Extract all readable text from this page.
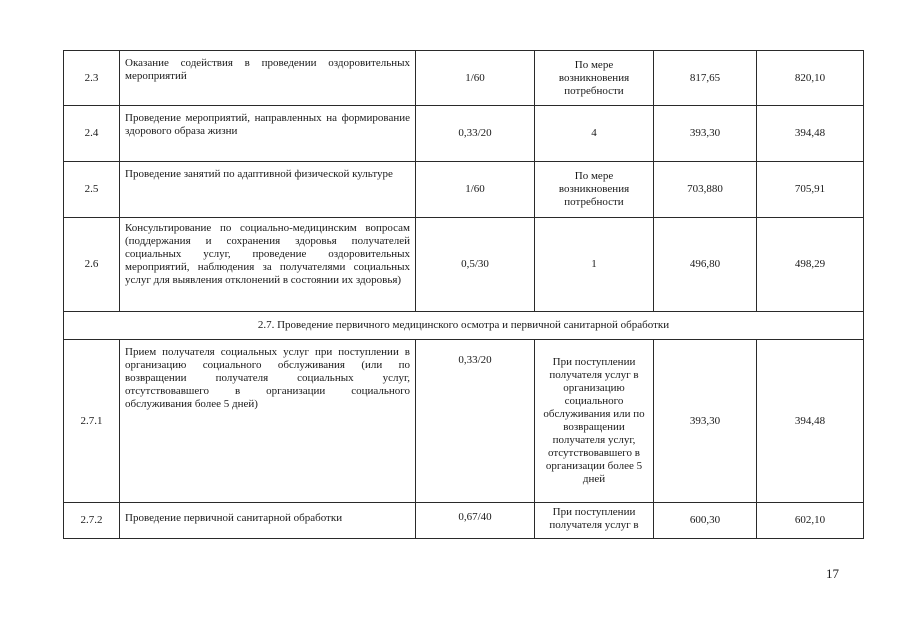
2.3	Оказание содействия в проведении оздоровительных мероприятий	1/60	По мере возникновения потребности	817,65	820,10
2.4	Проведение мероприятий, направленных на формирование здорового образа жизни	0,33/20	4	393,30	394,48
2.5	Проведение занятий по адаптивной физической культуре	1/60	По мере возникновения потребности	703,880	705,91
2.6	Консультирование по социально-медицинским вопросам (поддержания и сохранения здоровья получателей социальных услуг, проведение оздоровительных мероприятий, наблюдения за получателями социальных услуг для выявления отклонений в состоянии их здоровья)	0,5/30	1	496,80	498,29
2.7. Проведение первичного медицинского осмотра и первичной санитарной обработки					
2.7.1	Прием получателя социальных услуг при поступлении в организацию социального обслуживания (или по возвращении получателя социальных услуг, отсутствовавшего в организации социального обслуживания более 5 дней)	0,33/20	При поступлении получателя услуг в организацию социального обслуживания или по возвращении получателя услуг, отсутствовавшего в организации более 5 дней	393,30	394,48
2.7.2	Проведение первичной санитарной обработки	0,67/40	При поступлении получателя услуг в	600,30	602,10
17
